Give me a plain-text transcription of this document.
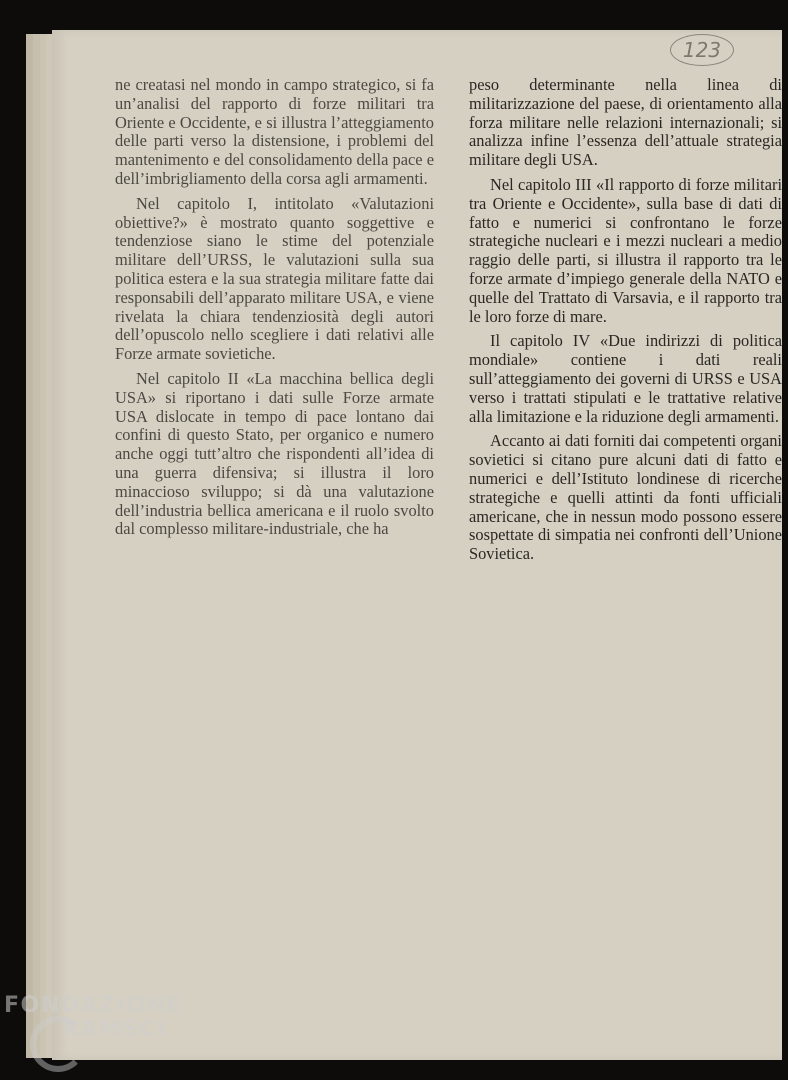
123

ne creatasi nel mondo in campo strategico, si fa un’analisi del rapporto di forze militari tra Oriente e Occidente, e si illustra l’atteggiamento delle parti verso la distensione, i problemi del mantenimento e del consolidamento della pace e dell’imbrigliamento della corsa agli armamenti.

Nel capitolo I, intitolato «Valutazioni obiettive?» è mostrato quanto soggettive e tendenziose siano le stime del potenziale militare dell’URSS, le valutazioni sulla sua politica estera e la sua strategia militare fatte dai responsabili dell’apparato militare USA, e viene rivelata la chiara tendenziosità degli autori dell’opuscolo nello scegliere i dati relativi alle Forze armate sovietiche.

Nel capitolo II «La macchina bellica degli USA» si riportano i dati sulle Forze armate USA dislocate in tempo di pace lontano dai confini di questo Stato, per organico e numero anche oggi tutt’altro che rispondenti all’idea di una guerra difensiva; si illustra il loro minaccioso sviluppo; si dà una valutazione dell’industria bellica americana e il ruolo svolto dal complesso militare-industriale, che ha

peso determinante nella linea di militarizzazione del paese, di orientamento alla forza militare nelle relazioni internazionali; si analizza infine l’essenza dell’attuale strategia militare degli USA.

Nel capitolo III «Il rapporto di forze militari tra Oriente e Occidente», sulla base di dati di fatto e numerici si confrontano le forze strategiche nucleari e i mezzi nucleari a medio raggio delle parti, si illustra il rapporto tra le forze armate d’impiego generale della NATO e quelle del Trattato di Varsavia, e il rapporto tra le loro forze di mare.

Il capitolo IV «Due indirizzi di politica mondiale» contiene i dati reali sull’atteggiamento dei governi di URSS e USA verso i trattati stipulati e le trattative relative alla limitazione e la riduzione degli armamenti.

Accanto ai dati forniti dai competenti organi sovietici si citano pure alcuni dati di fatto e numerici e dell’Istituto londinese di ricerche strategiche e quelli attinti da fonti ufficiali americane, che in nessun modo possono essere sospettate di simpatia nei confronti dell’Unione Sovietica.

FONDAZIONE
RAMSCI
